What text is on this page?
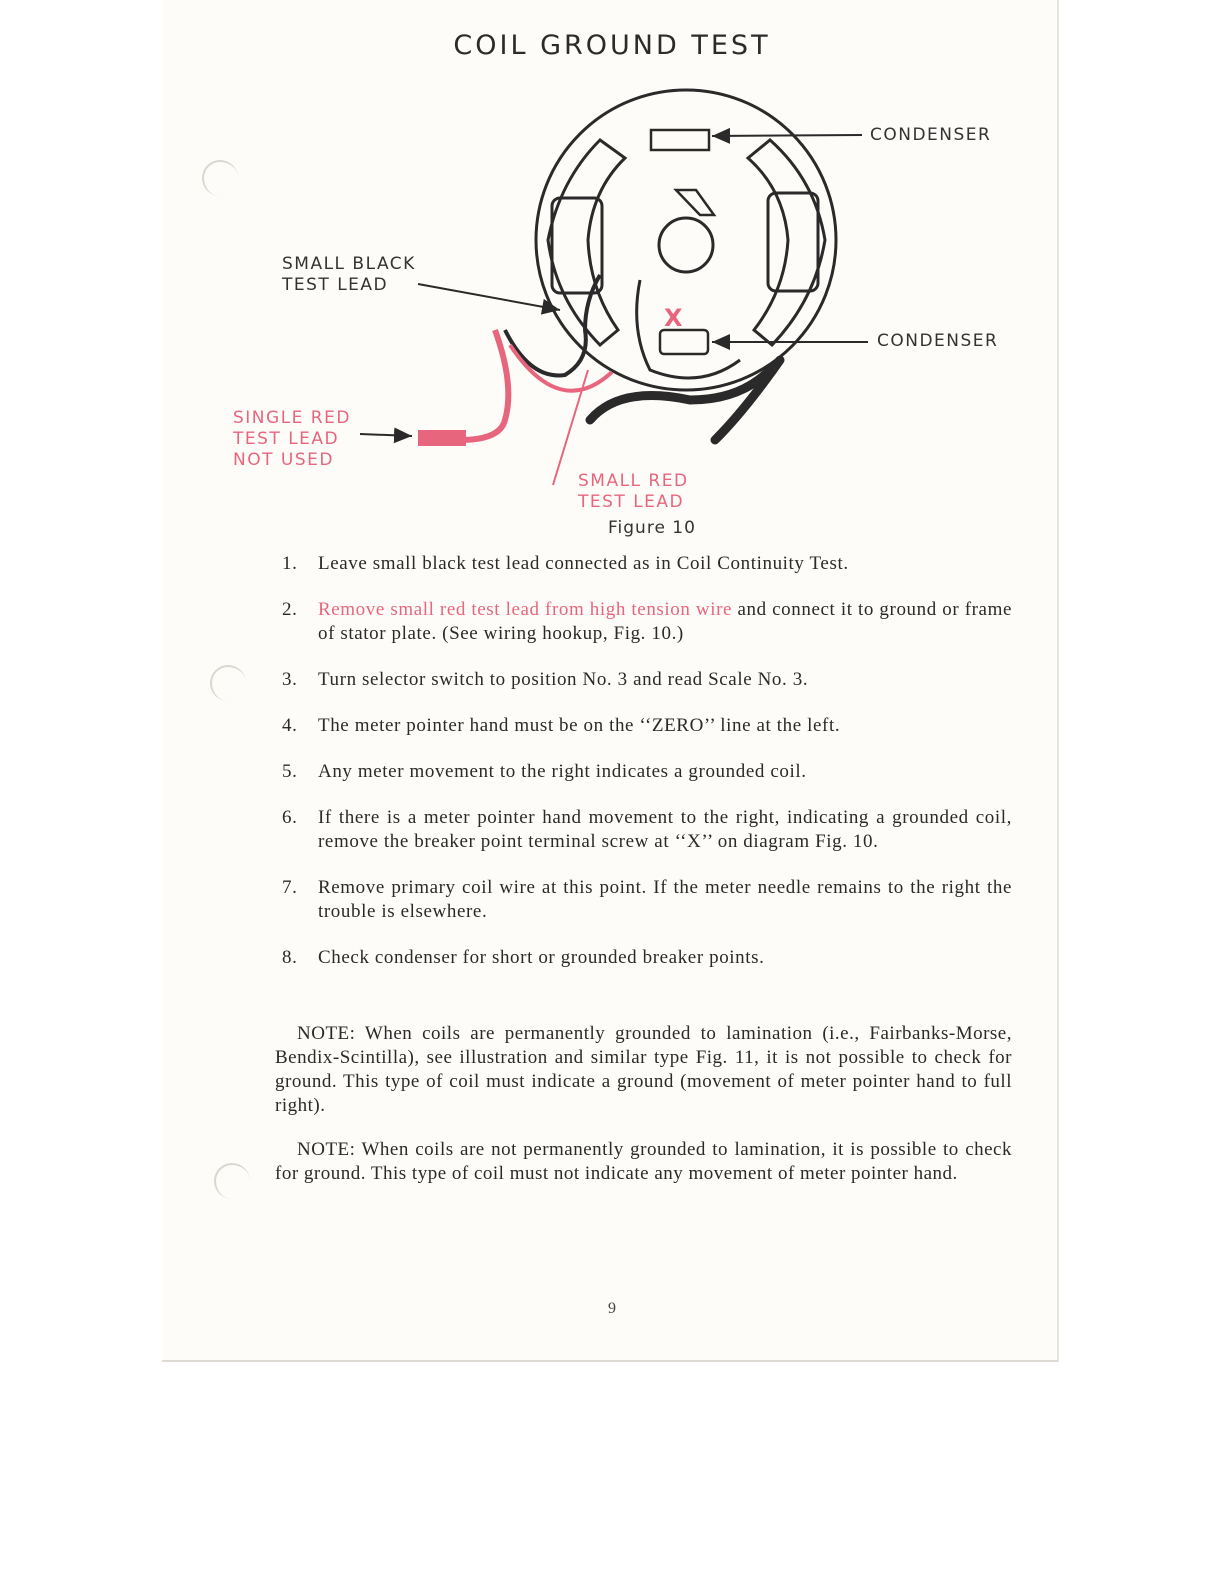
COIL GROUND TEST
X
CONDENSER
CONDENSER
SMALL BLACK
TEST LEAD
SINGLE RED
TEST LEAD
NOT USED
SMALL RED
TEST LEAD
Figure 10
1. Leave small black test lead connected as in Coil Continuity Test.
2. Remove small red test lead from high tension wire and connect it to ground or frame of stator plate. (See wiring hookup, Fig. 10.)
3. Turn selector switch to position No. 3 and read Scale No. 3.
4. The meter pointer hand must be on the ‘‘ZERO’’ line at the left.
5. Any meter movement to the right indicates a grounded coil.
6. If there is a meter pointer hand movement to the right, indicating a grounded coil, remove the breaker point terminal screw at ‘‘X’’ on diagram Fig. 10.
7. Remove primary coil wire at this point. If the meter needle remains to the right the trouble is elsewhere.
8. Check condenser for short or grounded breaker points.

NOTE: When coils are permanently grounded to lamination (i.e., Fairbanks-Morse, Bendix-Scintilla), see illustration and similar type Fig. 11, it is not possible to check for ground. This type of coil must indicate a ground (movement of meter pointer hand to full right).

NOTE: When coils are not permanently grounded to lamination, it is possible to check for ground. This type of coil must not indicate any movement of meter pointer hand.

9
